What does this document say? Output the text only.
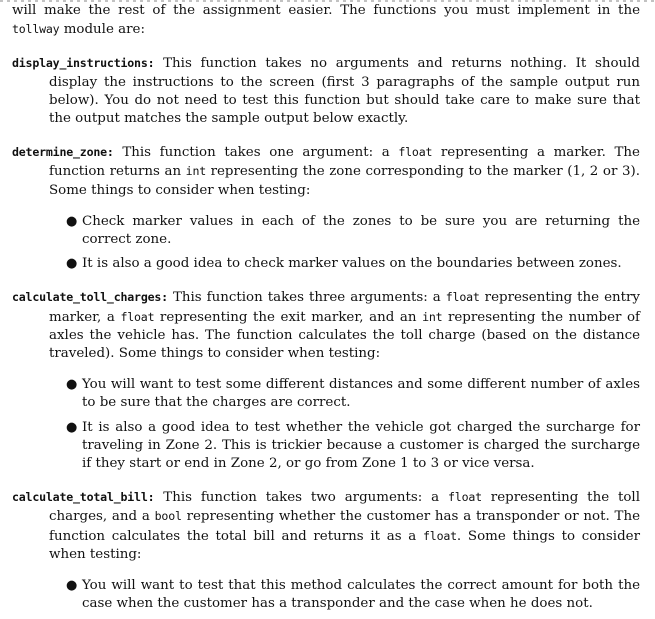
will make the rest of the assignment easier. The functions you must implement in the tollway module are:

display_instructions: This function takes no arguments and returns nothing. It should display the instructions to the screen (first 3 paragraphs of the sample output run below). You do not need to test this function but should take care to make sure that the output matches the sample output below exactly.

determine_zone: This function takes one argument: a float representing a marker. The function returns an int representing the zone corresponding to the marker (1, 2 or 3). Some things to consider when testing:

● Check marker values in each of the zones to be sure you are returning the correct zone.
● It is also a good idea to check marker values on the boundaries between zones.

calculate_toll_charges: This function takes three arguments: a float representing the entry marker, a float representing the exit marker, and an int representing the number of axles the vehicle has. The function calculates the toll charge (based on the distance traveled). Some things to consider when testing:

● You will want to test some different distances and some different number of axles to be sure that the charges are correct.
● It is also a good idea to test whether the vehicle got charged the surcharge for traveling in Zone 2. This is trickier because a customer is charged the surcharge if they start or end in Zone 2, or go from Zone 1 to 3 or vice versa.

calculate_total_bill: This function takes two arguments: a float representing the toll charges, and a bool representing whether the customer has a transponder or not. The function calculates the total bill and returns it as a float. Some things to consider when testing:

● You will want to test that this method calculates the correct amount for both the case when the customer has a transponder and the case when he does not.
